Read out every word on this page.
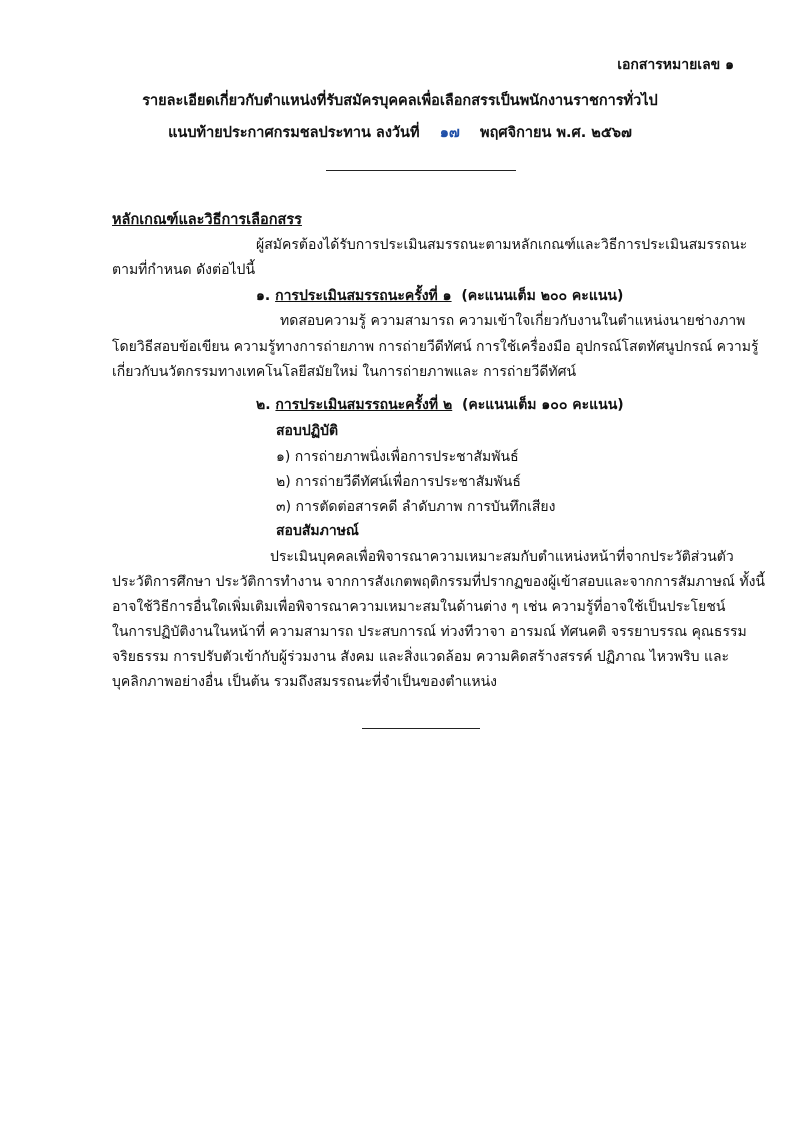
เอกสารหมายเลข ๑
รายละเอียดเกี่ยวกับตำแหน่งที่รับสมัครบุคคลเพื่อเลือกสรรเป็นพนักงานราชการทั่วไป
แนบท้ายประกาศกรมชลประทาน ลงวันที่ ๑๗ พฤศจิกายน พ.ศ. ๒๕๖๗
หลักเกณฑ์และวิธีการเลือกสรร
ผู้สมัครต้องได้รับการประเมินสมรรถนะตามหลักเกณฑ์และวิธีการประเมินสมรรถนะ
ตามที่กำหนด ดังต่อไปนี้
๑. การประเมินสมรรถนะครั้งที่ ๑ (คะแนนเต็ม ๒๐๐ คะแนน)
ทดสอบความรู้ ความสามารถ ความเข้าใจเกี่ยวกับงานในตำแหน่งนายช่างภาพ
โดยวิธีสอบข้อเขียน ความรู้ทางการถ่ายภาพ การถ่ายวีดีทัศน์ การใช้เครื่องมือ อุปกรณ์โสตทัศนูปกรณ์ ความรู้
เกี่ยวกับนวัตกรรมทางเทคโนโลยีสมัยใหม่ ในการถ่ายภาพและ การถ่ายวีดีทัศน์
๒. การประเมินสมรรถนะครั้งที่ ๒ (คะแนนเต็ม ๑๐๐ คะแนน)
สอบปฏิบัติ
๑) การถ่ายภาพนิ่งเพื่อการประชาสัมพันธ์
๒) การถ่ายวีดีทัศน์เพื่อการประชาสัมพันธ์
๓) การตัดต่อสารคดี ลำดับภาพ การบันทึกเสียง
สอบสัมภาษณ์
ประเมินบุคคลเพื่อพิจารณาความเหมาะสมกับตำแหน่งหน้าที่จากประวัติส่วนตัว
ประวัติการศึกษา ประวัติการทำงาน จากการสังเกตพฤติกรรมที่ปรากฏของผู้เข้าสอบและจากการสัมภาษณ์ ทั้งนี้
อาจใช้วิธีการอื่นใดเพิ่มเติมเพื่อพิจารณาความเหมาะสมในด้านต่าง ๆ เช่น ความรู้ที่อาจใช้เป็นประโยชน์
ในการปฏิบัติงานในหน้าที่ ความสามารถ ประสบการณ์ ท่วงทีวาจา อารมณ์ ทัศนคติ จรรยาบรรณ คุณธรรม
จริยธรรม การปรับตัวเข้ากับผู้ร่วมงาน สังคม และสิ่งแวดล้อม ความคิดสร้างสรรค์ ปฏิภาณ ไหวพริบ และ
บุคลิกภาพอย่างอื่น เป็นต้น รวมถึงสมรรถนะที่จำเป็นของตำแหน่ง
